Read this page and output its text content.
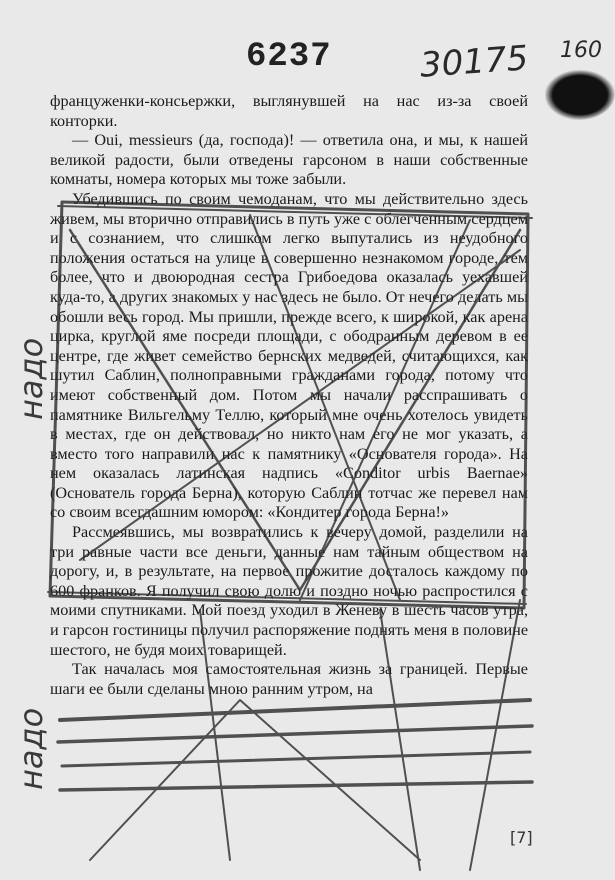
6237	30175 160

француженки-консьержки, выглянувшей на нас из-за своей конторки.

— Oui, messieurs (да, господа)! — ответила она, и мы, к нашей великой радости, были отведены гарсоном в наши собственные комнаты, номера которых мы тоже забыли.

Убедившись по своим чемоданам, что мы действительно здесь живем, мы вторично отправились в путь уже с облегченным сердцем и с сознанием, что слишком легко выпутались из неудобного положения остаться на улице в совершенно незнакомом городе, тем более, что и двоюродная сестра Грибоедова оказалась уехавшей куда-то, а других знакомых у нас здесь не было. От нечего делать мы обошли весь город. Мы пришли, прежде всего, к широкой, как арена цирка, круглой яме посреди площади, с ободранным деревом в ее центре, где живет семейство бернских медведей, считающихся, как шутил Саблин, полноправными гражданами города, потому что имеют собственный дом. Потом мы начали расспрашивать о памятнике Вильгельму Теллю, который мне очень хотелось увидеть в местах, где он действовал, но никто нам его не мог указать, а вместо того направили нас к памятнику «Основателя города». На нем оказалась латинская надпись «Conditor urbis Baernae» (Основатель города Берна), которую Саблин тотчас же перевел нам со своим всегдашним юмором: «Кондитер города Берна!»

Рассмеявшись, мы возвратились к вечеру домой, разделили на три равные части все деньги, данные нам тайным обществом на дорогу, и, в результате, на первое прожитие досталось каждому по 600 франков. Я получил свою долю и поздно ночью распростился с моими спутниками. Мой поезд уходил в Женеву в шесть часов утра, и гарсон гостиницы получил распоряжение поднять меня в половине шестого, не будя моих товарищей.

Так началась моя самостоятельная жизнь за границей. Первые шаги ее были сделаны мною ранним утром, на

надо
надо
[7]
